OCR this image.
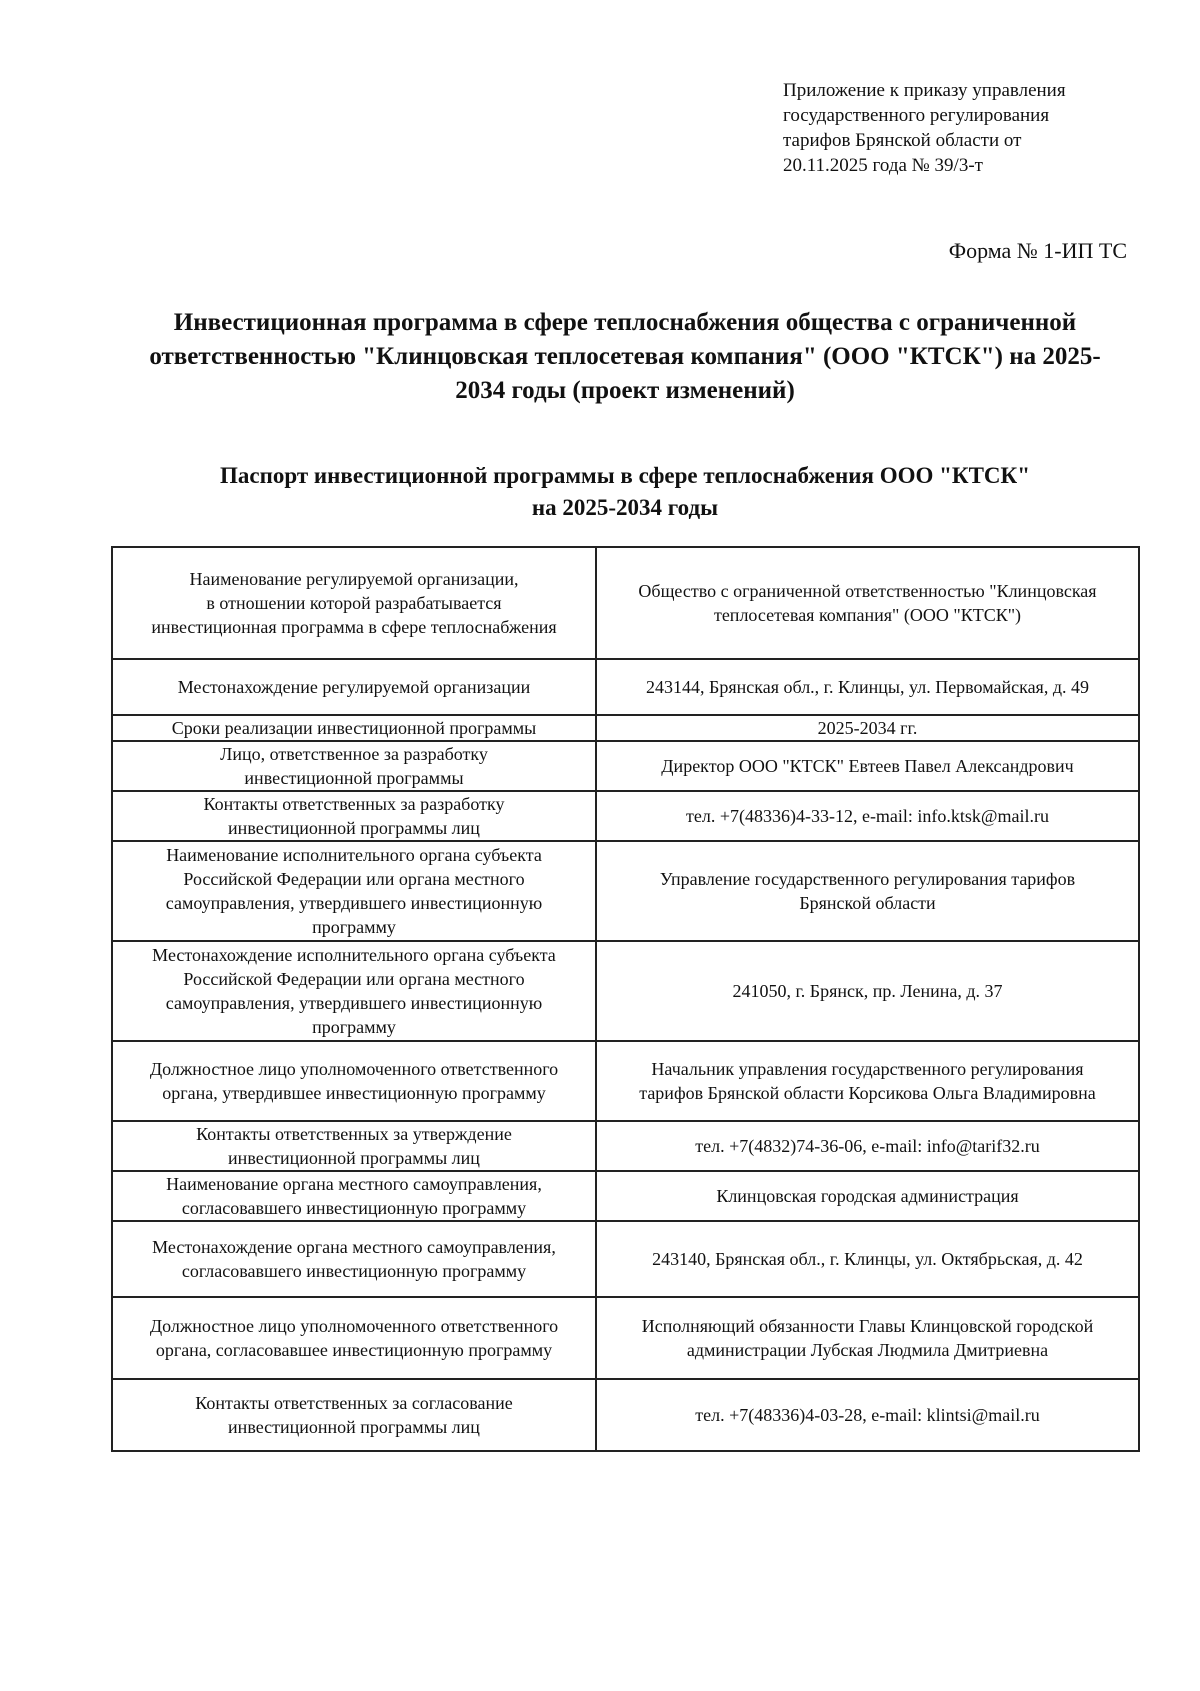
Приложение к приказу управления
государственного регулирования
тарифов Брянской области от
20.11.2025 года № 39/3-т
Форма № 1-ИП ТС
Инвестиционная программа в сфере теплоснабжения общества с ограниченной
ответственностью "Клинцовская теплосетевая компания" (ООО "КТСК") на 2025-
2034 годы (проект изменений)
Паспорт инвестиционной программы в сфере теплоснабжения ООО "КТСК"
на 2025-2034 годы
Наименование регулируемой организации,
в отношении которой разрабатывается
инвестиционная программа в сфере теплоснабжения	Общество с ограниченной ответственностью "Клинцовская
теплосетевая компания" (ООО "КТСК")

Местонахождение регулируемой организации	243144, Брянская обл., г. Клинцы, ул. Первомайская, д. 49

Сроки реализации инвестиционной программы	2025-2034 гг.

Лицо, ответственное за разработку
инвестиционной программы	Директор ООО "КТСК" Евтеев Павел Александрович

Контакты ответственных за разработку
инвестиционной программы лиц	тел. +7(48336)4-33-12, e-mail: info.ktsk@mail.ru

Наименование исполнительного органа субъекта
Российской Федерации или органа местного
самоуправления, утвердившего инвестиционную
программу	Управление государственного регулирования тарифов
Брянской области

Местонахождение исполнительного органа субъекта
Российской Федерации или органа местного
самоуправления, утвердившего инвестиционную
программу	241050, г. Брянск, пр. Ленина, д. 37

Должностное лицо уполномоченного ответственного
органа, утвердившее инвестиционную программу	Начальник управления государственного регулирования
тарифов Брянской области Корсикова Ольга Владимировна

Контакты ответственных за утверждение
инвестиционной программы лиц	тел. +7(4832)74-36-06, e-mail: info@tarif32.ru

Наименование органа местного самоуправления,
согласовавшего инвестиционную программу	Клинцовская городская администрация

Местонахождение органа местного самоуправления,
согласовавшего инвестиционную программу	243140, Брянская обл., г. Клинцы, ул. Октябрьская, д. 42

Должностное лицо уполномоченного ответственного
органа, согласовавшее инвестиционную программу	Исполняющий обязанности Главы Клинцовской городской
администрации Лубская Людмила Дмитриевна

Контакты ответственных за согласование
инвестиционной программы лиц	тел. +7(48336)4-03-28, e-mail: klintsi@mail.ru
